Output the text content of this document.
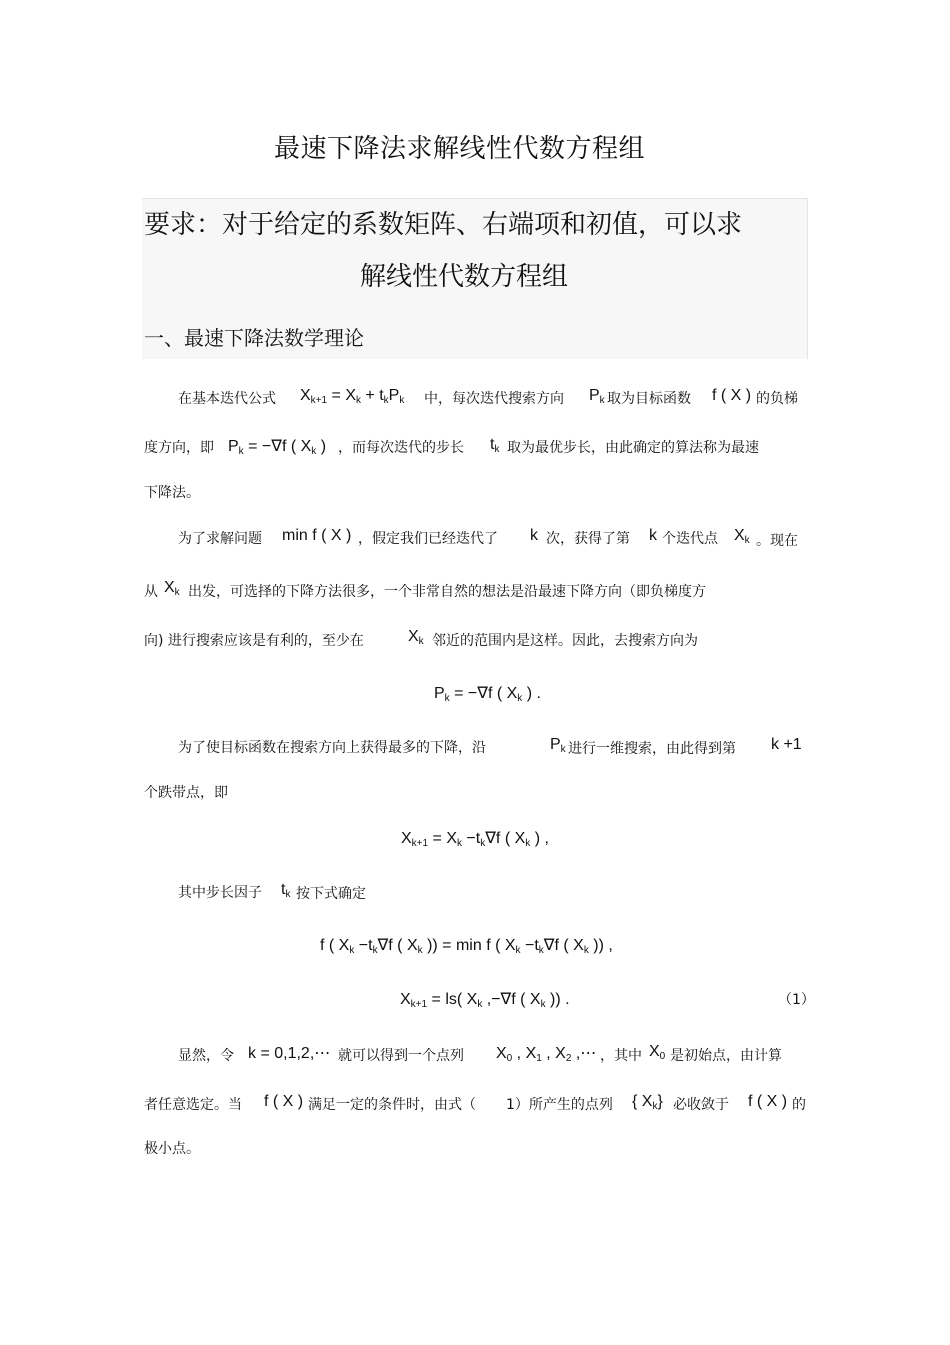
最速下降法求解线性代数方程组
要求：对于给定的系数矩阵、右端项和初值，可以求
解线性代数方程组
一、最速下降法数学理论
在基本迭代公式 $X_{k+1} = X_k + t_kP_k$ 中，每次迭代搜索方向 $P_k$ 取为目标函数 f ( X ) 的负梯
度方向，即 $P_k = -\nabla f$ ( $X_k$ ) ，而每次迭代的步长 $t_k$ 取为最优步长，由此确定的算法称为最速
下降法。
为了求解问题 min f ( X ) ，假定我们已经迭代了 k 次，获得了第 k 个迭代点 $X_k$ 。现在
从 $X_k$ 出发，可选择的下降方法很多，一个非常自然的想法是沿最速下降方向（即负梯度方
向) 进行搜索应该是有利的，至少在	$X_k$ 邻近的范围内是这样。因此，去搜索方向为
$P_k = -\nabla f$ ( $X_k$ ) .
为了使目标函数在搜索方向上获得最多的下降，沿	$P_k$ 进行一维搜索，由此得到第 k +1
个跌带点，即
$X_{k+1} = X_k -t_k\nabla f$ ( $X_k$ ) ,
其中步长因子 $t_k$ 按下式确定
f ( $X_k -t_k\nabla f$ ( $X_k$ )) = min f ( $X_k -t_k\nabla f$ ( $X_k$ )) ,
$X_{k+1} = ls$( $X_k$ ,−∇f ( $X_k$ )) .	（1）
显然，令 k = 0,1,2,⋯ 就可以得到一个点列 $X_0$ , $X_1$ , $X_2$ ,⋯ ，其中 $X_0$ 是初始点，由计算
者任意选定。当 f ( X ) 满足一定的条件时，由式（ 1）所产生的点列 { $X_k$} 必收敛于 f ( X ) 的
极小点。
